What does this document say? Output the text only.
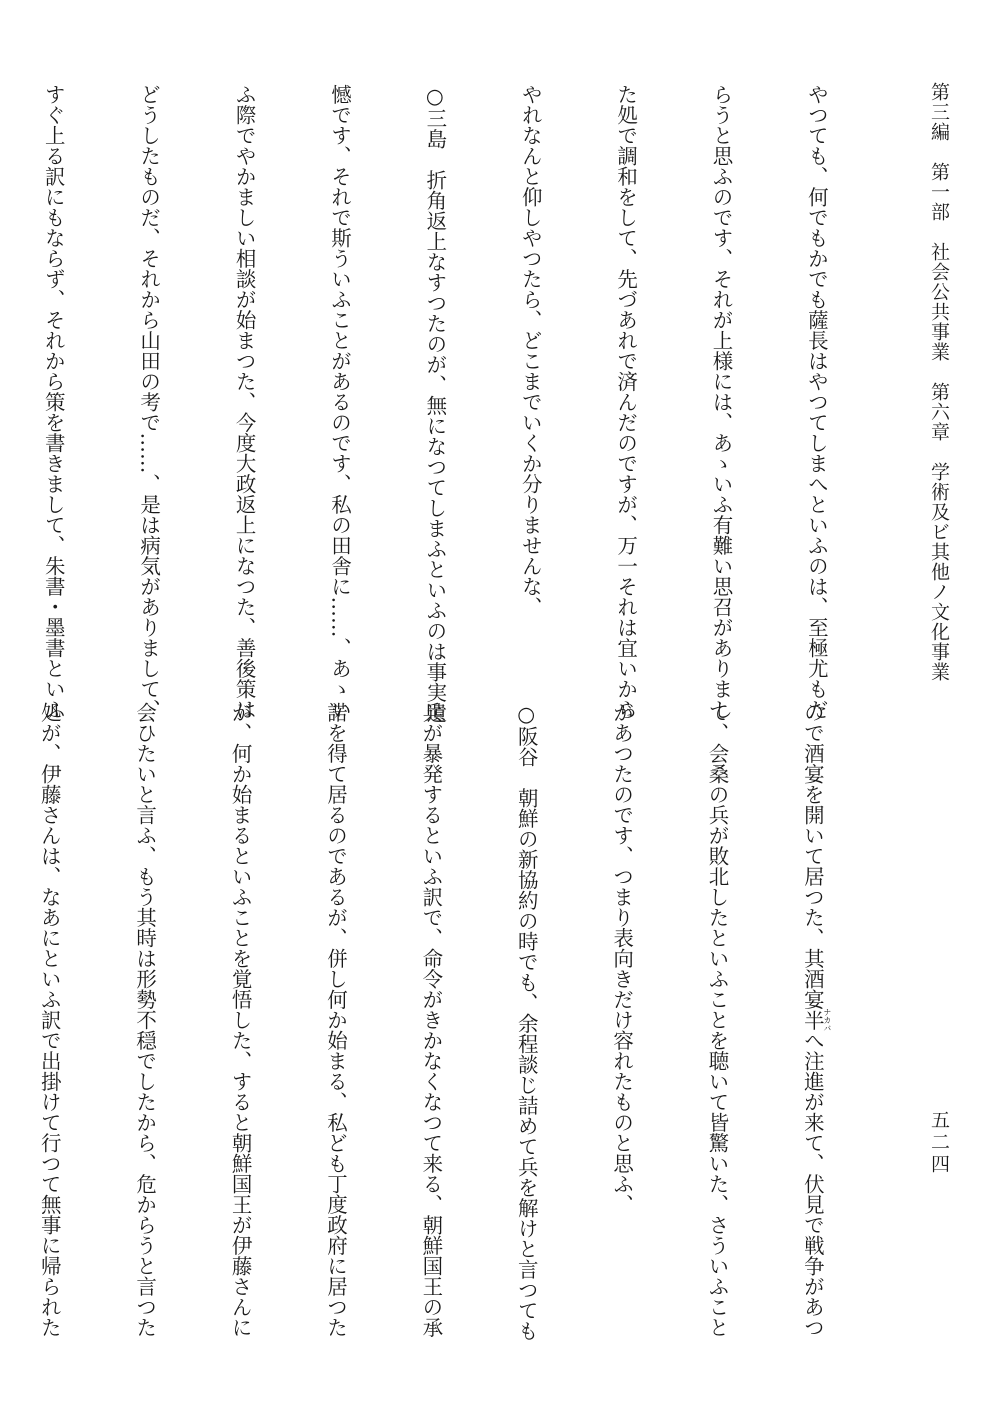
第三編　第一部　社会公共事業　第六章　学術及ビ其他ノ文化事業
五二四

やつても、何でもかでも薩長はやつてしまへといふのは、至極尤もだ

らうと思ふのです、それが上様には、あゝいふ有難い思召がありまし

た処で調和をして、先づあれで済んだのですが、万一それは宜いから

やれなんと仰しやつたら、どこまでいくか分りませんな、

○三島　折角返上なすつたのが、無になつてしまふといふのは事実遺

憾です、それで斯ういふことがあるのです、私の田舎に……、あゝい

ふ際でやかましい相談が始まつた、今度大政返上になつた、善後策は

どうしたものだ、それから山田の考で……、是は病気がありまして、

すぐ上る訳にもならず、それから策を書きまして、朱書・墨書といふ

ので酒宴を開いて居つた、其酒宴半ナカバへ注進が来て、伏見で戦争があつ

て、会桑の兵が敗北したといふことを聴いて皆驚いた、さういふこと

があつたのです、つまり表向きだけ容れたものと思ふ、

○阪谷　朝鮮の新協約の時でも、余程談じ詰めて兵を解けと言つても

兵が暴発するといふ訳で、命令がきかなくなつて来る、朝鮮国王の承

諾を得て居るのであるが、併し何か始まる、私ども丁度政府に居つた

が、何か始まるといふことを覚悟した、すると朝鮮国王が伊藤さんに

会ひたいと言ふ、もう其時は形勢不穏でしたから、危からうと言つた

処が、伊藤さんは、なあにといふ訳で出掛けて行つて無事に帰られた
